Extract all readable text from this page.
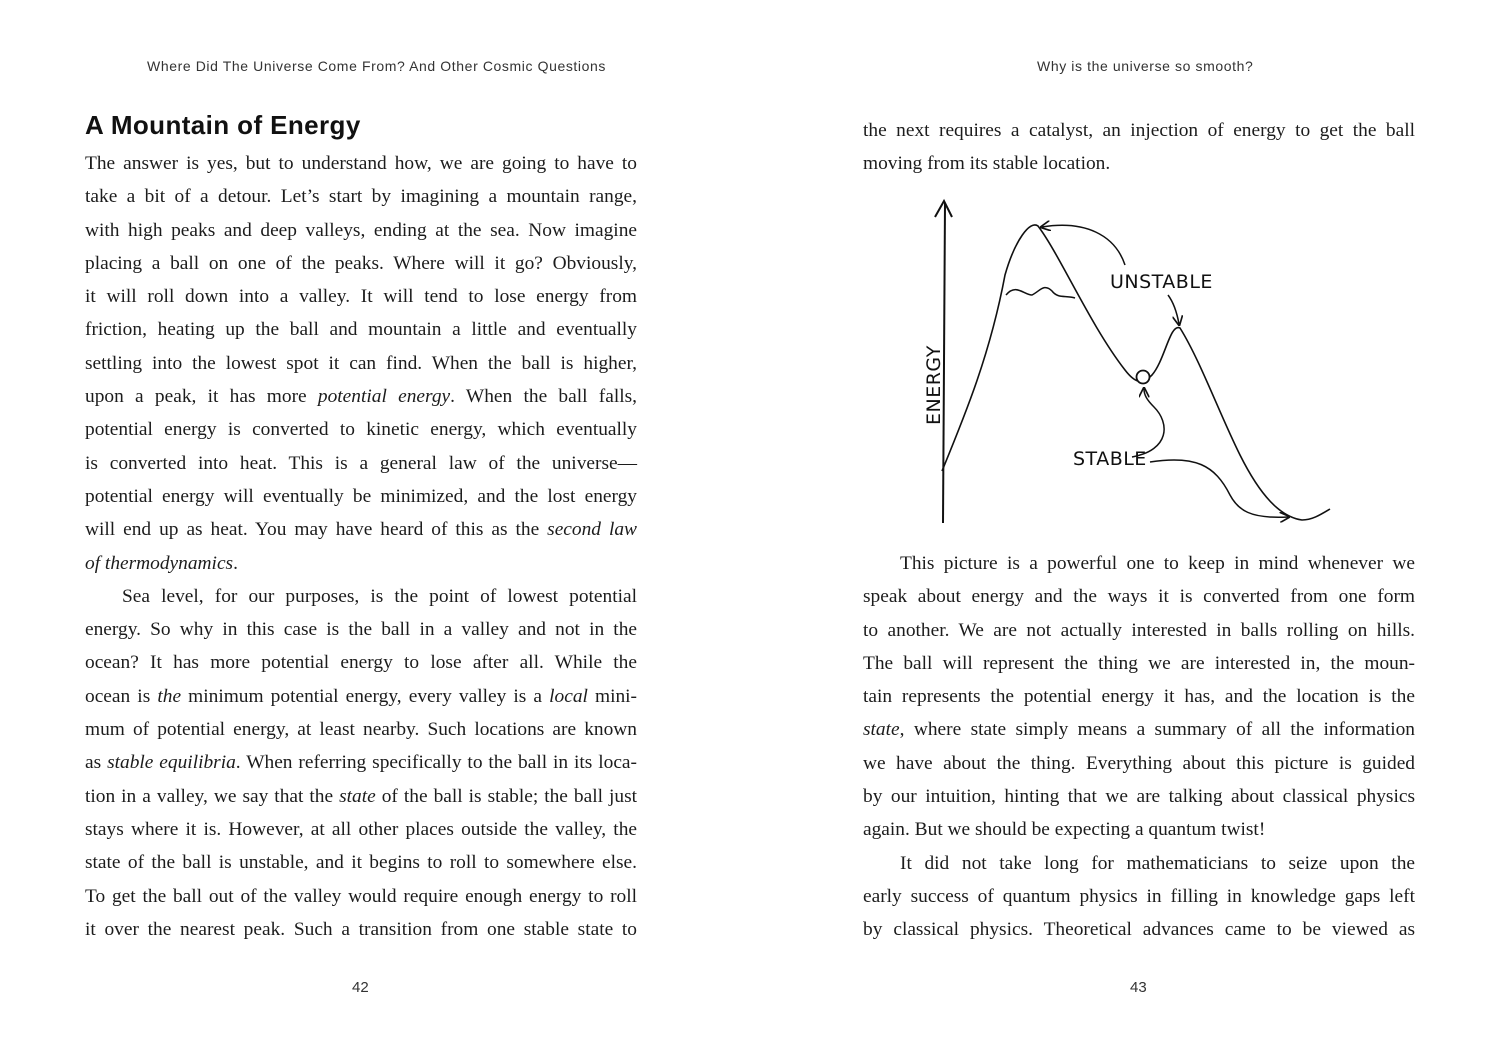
Where Did The Universe Come From? And Other Cosmic Questions
A Mountain of Energy
The answer is yes, but to understand how, we are going to have to
take a bit of a detour. Let’s start by imagining a mountain range,
with high peaks and deep valleys, ending at the sea. Now imagine
placing a ball on one of the peaks. Where will it go? Obviously,
it will roll down into a valley. It will tend to lose energy from
friction, heating up the ball and mountain a little and eventually
settling into the lowest spot it can find. When the ball is higher,
upon a peak, it has more potential energy. When the ball falls,
potential energy is converted to kinetic energy, which eventually
is converted into heat. This is a general law of the universe—
potential energy will eventually be minimized, and the lost energy
will end up as heat. You may have heard of this as the second law
of thermodynamics.
Sea level, for our purposes, is the point of lowest potential
energy. So why in this case is the ball in a valley and not in the
ocean? It has more potential energy to lose after all. While the
ocean is the minimum potential energy, every valley is a local mini-
mum of potential energy, at least nearby. Such locations are known
as stable equilibria. When referring specifically to the ball in its loca-
tion in a valley, we say that the state of the ball is stable; the ball just
stays where it is. However, at all other places outside the valley, the
state of the ball is unstable, and it begins to roll to somewhere else.
To get the ball out of the valley would require enough energy to roll
it over the nearest peak. Such a transition from one stable state to
42
Why is the universe so smooth?
the next requires a catalyst, an injection of energy to get the ball
moving from its stable location.
ENERGY
UNSTABLE
STABLE
This picture is a powerful one to keep in mind whenever we
speak about energy and the ways it is converted from one form
to another. We are not actually interested in balls rolling on hills.
The ball will represent the thing we are interested in, the moun-
tain represents the potential energy it has, and the location is the
state, where state simply means a summary of all the information
we have about the thing. Everything about this picture is guided
by our intuition, hinting that we are talking about classical physics
again. But we should be expecting a quantum twist!
It did not take long for mathematicians to seize upon the
early success of quantum physics in filling in knowledge gaps left
by classical physics. Theoretical advances came to be viewed as
43
